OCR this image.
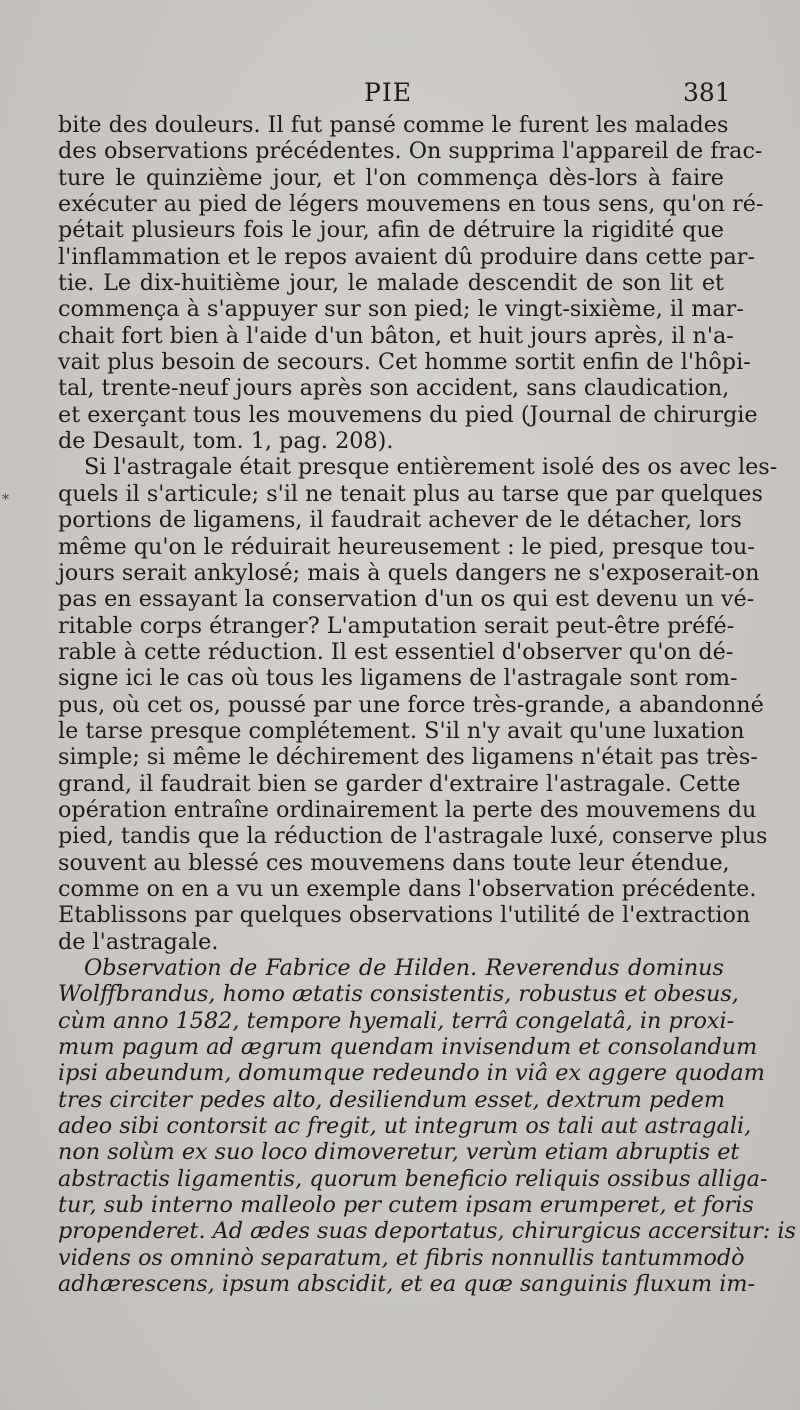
PIE	381
*
bite des douleurs. Il fut pansé comme le furent les malades
des observations précédentes. On supprima l'appareil de frac-
ture le quinzième jour, et l'on commença dès-lors à faire
exécuter au pied de légers mouvemens en tous sens, qu'on ré-
pétait plusieurs fois le jour, afin de détruire la rigidité que
l'inflammation et le repos avaient dû produire dans cette par-
tie. Le dix-huitième jour, le malade descendit de son lit et
commença à s'appuyer sur son pied; le vingt-sixième, il mar-
chait fort bien à l'aide d'un bâton, et huit jours après, il n'a-
vait plus besoin de secours. Cet homme sortit enfin de l'hôpi-
tal, trente-neuf jours après son accident, sans claudication,
et exerçant tous les mouvemens du pied (Journal de chirurgie
de Desault, tom. 1, pag. 208).
Si l'astragale était presque entièrement isolé des os avec les-
quels il s'articule; s'il ne tenait plus au tarse que par quelques
portions de ligamens, il faudrait achever de le détacher, lors
même qu'on le réduirait heureusement : le pied, presque tou-
jours serait ankylosé; mais à quels dangers ne s'exposerait-on
pas en essayant la conservation d'un os qui est devenu un vé-
ritable corps étranger? L'amputation serait peut-être préfé-
rable à cette réduction. Il est essentiel d'observer qu'on dé-
signe ici le cas où tous les ligamens de l'astragale sont rom-
pus, où cet os, poussé par une force très-grande, a abandonné
le tarse presque complétement. S'il n'y avait qu'une luxation
simple; si même le déchirement des ligamens n'était pas très-
grand, il faudrait bien se garder d'extraire l'astragale. Cette
opération entraîne ordinairement la perte des mouvemens du
pied, tandis que la réduction de l'astragale luxé, conserve plus
souvent au blessé ces mouvemens dans toute leur étendue,
comme on en a vu un exemple dans l'observation précédente.
Etablissons par quelques observations l'utilité de l'extraction
de l'astragale.
Observation de Fabrice de Hilden. Reverendus dominus
Wolffbrandus, homo ætatis consistentis, robustus et obesus,
cùm anno 1582, tempore hyemali, terrâ congelatâ, in proxi-
mum pagum ad ægrum quendam invisendum et consolandum
ipsi abeundum, domumque redeundo in viâ ex aggere quodam
tres circiter pedes alto, desiliendum esset, dextrum pedem
adeo sibi contorsit ac fregit, ut integrum os tali aut astragali,
non solùm ex suo loco dimoveretur, verùm etiam abruptis et
abstractis ligamentis, quorum beneficio reliquis ossibus alliga-
tur, sub interno malleolo per cutem ipsam erumperet, et foris
propenderet. Ad ædes suas deportatus, chirurgicus accersitur: is
videns os omninò separatum, et fibris nonnullis tantummodò
adhærescens, ipsum abscidit, et ea quæ sanguinis fluxum im-
